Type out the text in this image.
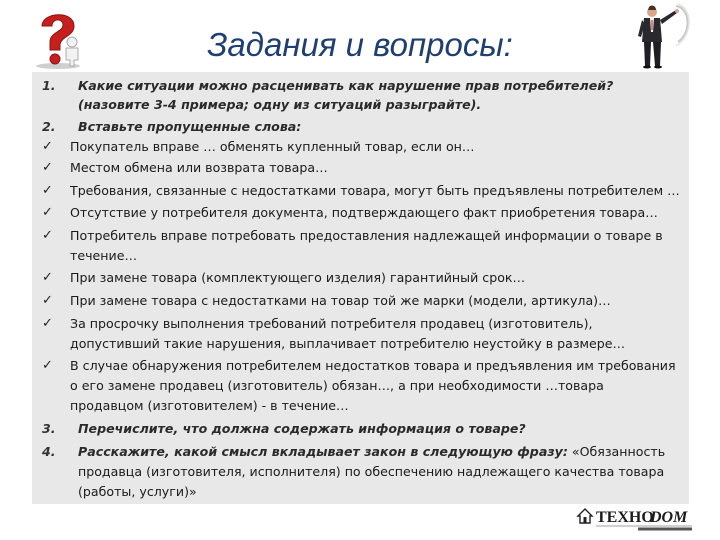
Задания и вопросы:
1. Какие ситуации можно расценивать как нарушение прав потребителей?
(назовите 3-4 примера; одну из ситуаций разыграйте).
2. Вставьте пропущенные слова:
✓ Покупатель вправе … обменять купленный товар, если он…
✓ Местом обмена или возврата товара…
✓ Требования, связанные с недостатками товара, могут быть предъявлены потребителем …
✓ Отсутствие у потребителя документа, подтверждающего факт приобретения товара…
✓ Потребитель вправе потребовать предоставления надлежащей информации о товаре в
течение…
✓ При замене товара (комплектующего изделия) гарантийный срок…
✓ При замене товара с недостатками на товар той же марки (модели, артикула)…
✓ За просрочку выполнения требований потребителя продавец (изготовитель),
допустивший такие нарушения, выплачивает потребителю неустойку в размере…
✓ В случае обнаружения потребителем недостатков товара и предъявления им требования
о его замене продавец (изготовитель) обязан…, а при необходимости …товара
продавцом (изготовителем) - в течение…
3. Перечислите, что должна содержать информация о товаре?
4. Расскажите, какой смысл вкладывает закон в следующую фразу: «Обязанность
продавца (изготовителя, исполнителя) по обеспечению надлежащего качества товара
(работы, услуги)»
TEXHO
DOM
